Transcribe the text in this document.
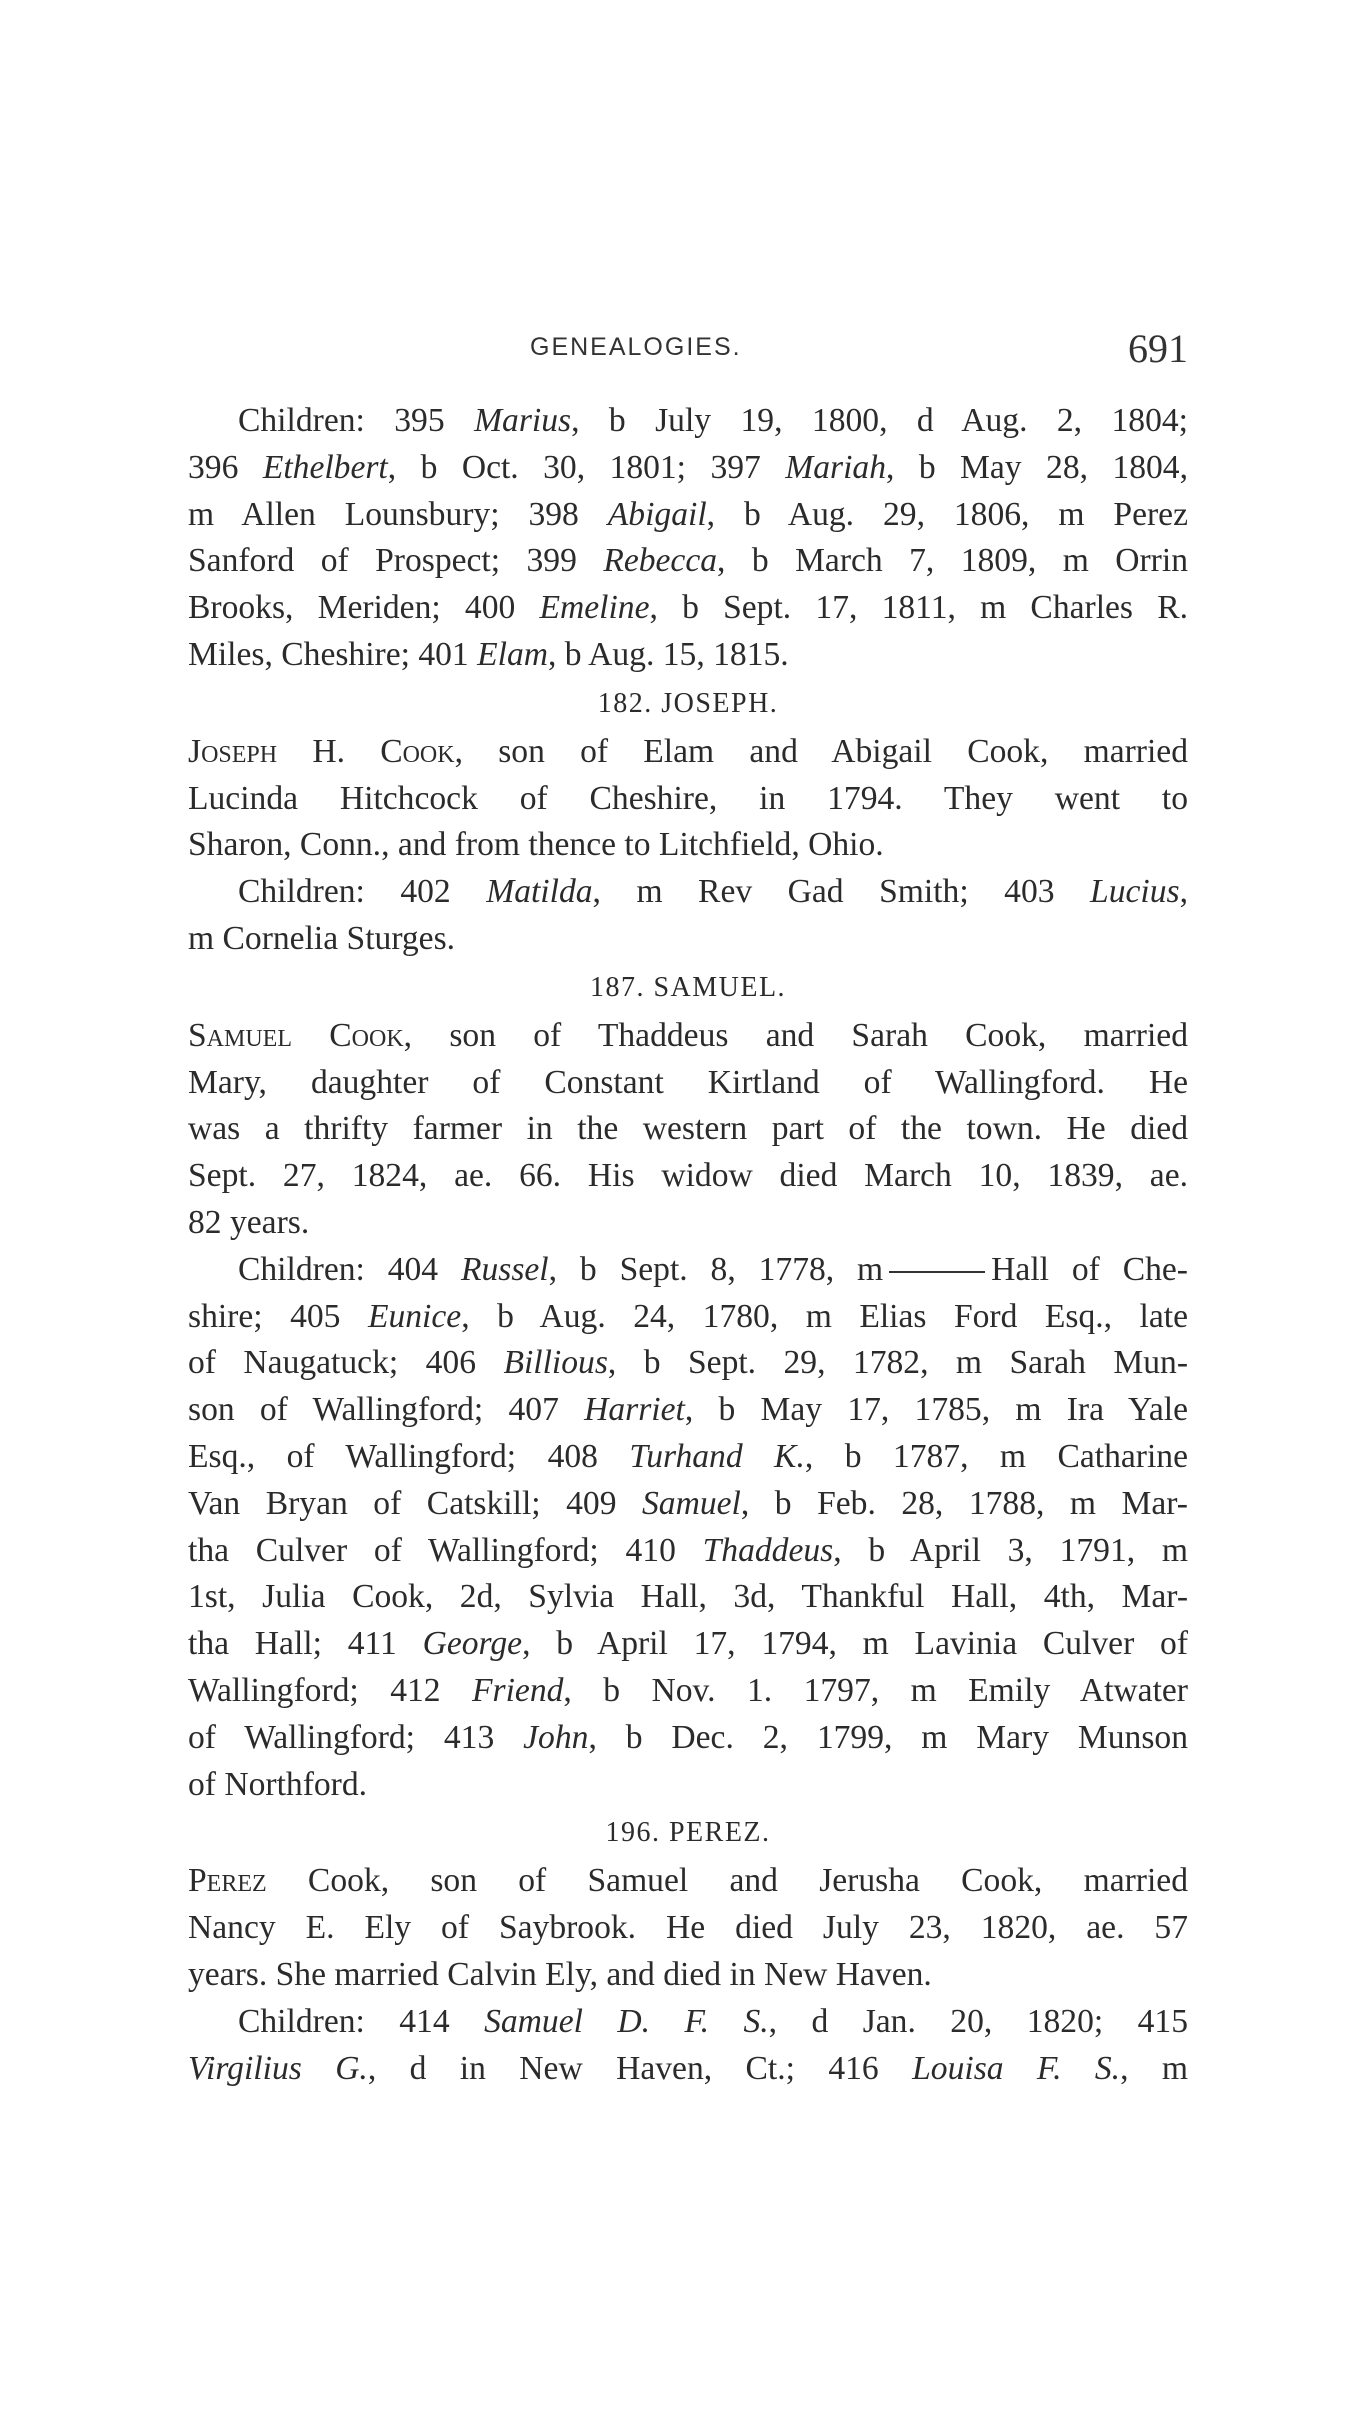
GENEALOGIES.	691
Children: 395 Marius, b July 19, 1800, d Aug. 2, 1804;
396 Ethelbert, b Oct. 30, 1801; 397 Mariah, b May 28, 1804,
m Allen Lounsbury; 398 Abigail, b Aug. 29, 1806, m Perez
Sanford of Prospect; 399 Rebecca, b March 7, 1809, m Orrin
Brooks, Meriden; 400 Emeline, b Sept. 17, 1811, m Charles R.
Miles, Cheshire; 401 Elam, b Aug. 15, 1815.
182. JOSEPH.
Joseph H. Cook, son of Elam and Abigail Cook, married
Lucinda Hitchcock of Cheshire, in 1794. They went to
Sharon, Conn., and from thence to Litchfield, Ohio.
Children: 402 Matilda, m Rev Gad Smith; 403 Lucius,
m Cornelia Sturges.
187. SAMUEL.
Samuel Cook, son of Thaddeus and Sarah Cook, married
Mary, daughter of Constant Kirtland of Wallingford. He
was a thrifty farmer in the western part of the town. He died
Sept. 27, 1824, ae. 66. His widow died March 10, 1839, ae.
82 years.
Children: 404 Russel, b Sept. 8, 1778, m	Hall of Che-
shire; 405 Eunice, b Aug. 24, 1780, m Elias Ford Esq., late
of Naugatuck; 406 Billious, b Sept. 29, 1782, m Sarah Mun-
son of Wallingford; 407 Harriet, b May 17, 1785, m Ira Yale
Esq., of Wallingford; 408 Turhand K., b 1787, m Catharine
Van Bryan of Catskill; 409 Samuel, b Feb. 28, 1788, m Mar-
tha Culver of Wallingford; 410 Thaddeus, b April 3, 1791, m
1st, Julia Cook, 2d, Sylvia Hall, 3d, Thankful Hall, 4th, Mar-
tha Hall; 411 George, b April 17, 1794, m Lavinia Culver of
Wallingford; 412 Friend, b Nov. 1. 1797, m Emily Atwater
of Wallingford; 413 John, b Dec. 2, 1799, m Mary Munson
of Northford.
196. PEREZ.
Perez Cook, son of Samuel and Jerusha Cook, married
Nancy E. Ely of Saybrook. He died July 23, 1820, ae. 57
years. She married Calvin Ely, and died in New Haven.
Children: 414 Samuel D. F. S., d Jan. 20, 1820; 415
Virgilius G., d in New Haven, Ct.; 416 Louisa F. S., m
